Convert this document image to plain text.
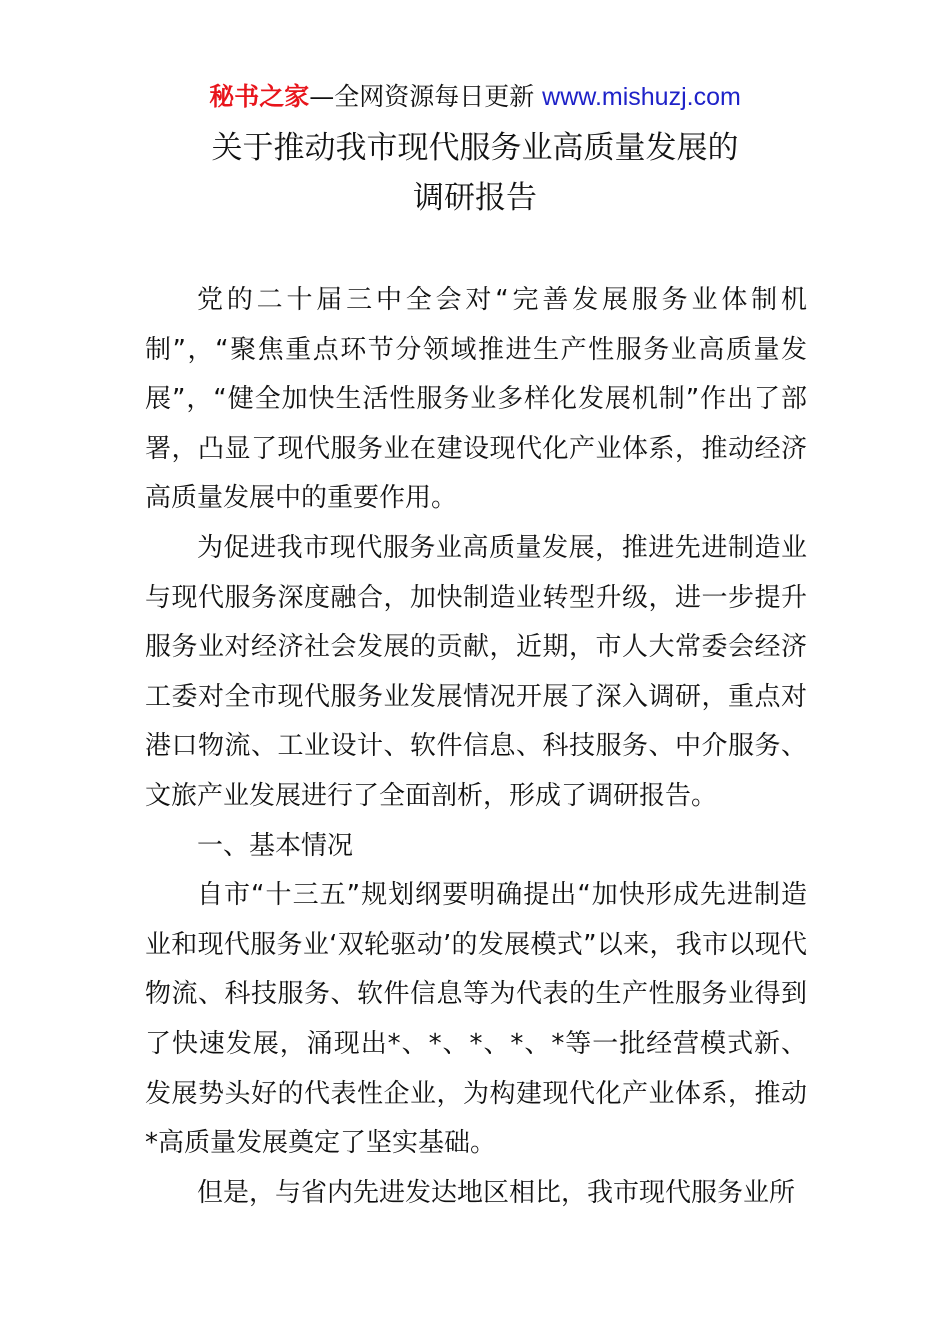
秘书之家—全网资源每日更新 www.mishuzj.com
关于推动我市现代服务业高质量发展的
调研报告

党的二十届三中全会对“完善发展服务业体制机制”，“聚焦重点环节分领域推进生产性服务业高质量发展”，“健全加快生活性服务业多样化发展机制”作出了部署，凸显了现代服务业在建设现代化产业体系，推动经济高质量发展中的重要作用。

为促进我市现代服务业高质量发展，推进先进制造业与现代服务深度融合，加快制造业转型升级，进一步提升服务业对经济社会发展的贡献，近期，市人大常委会经济工委对全市现代服务业发展情况开展了深入调研，重点对港口物流、工业设计、软件信息、科技服务、中介服务、文旅产业发展进行了全面剖析，形成了调研报告。

一、基本情况

自市“十三五”规划纲要明确提出“加快形成先进制造业和现代服务业‘双轮驱动’的发展模式”以来，我市以现代物流、科技服务、软件信息等为代表的生产性服务业得到了快速发展，涌现出*、*、*、*、*等一批经营模式新、发展势头好的代表性企业，为构建现代化产业体系，推动*高质量发展奠定了坚实基础。

但是，与省内先进发达地区相比，我市现代服务业所
